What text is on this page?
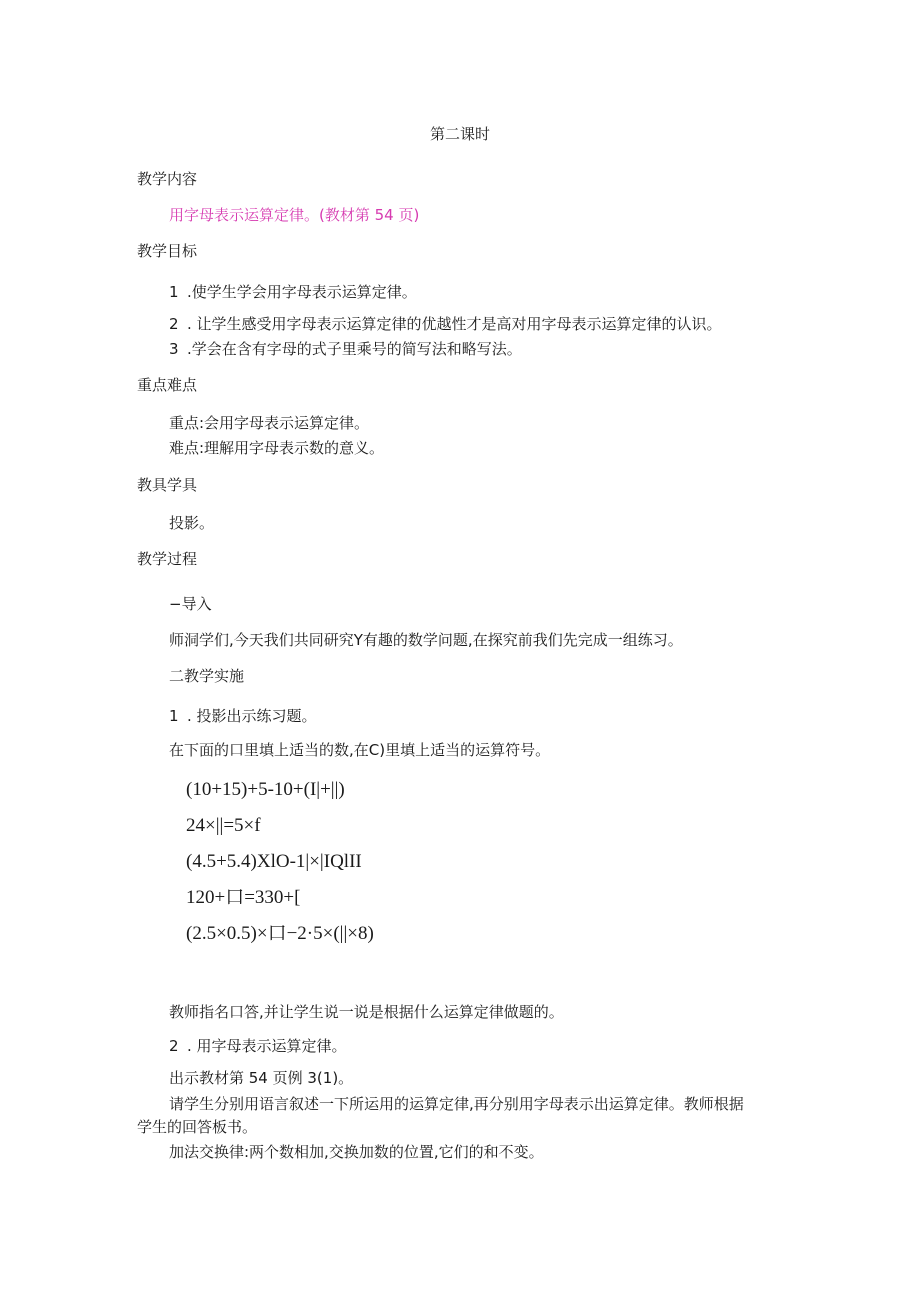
第二课时
教学内容
用字母表示运算定律。(教材第 54 页)
教学目标
1 .使学生学会用字母表示运算定律。
2 . 让学生感受用字母表示运算定律的优越性才是高对用字母表示运算定律的认识。
3 .学会在含有字母的式子里乘号的简写法和略写法。
重点难点
重点:会用字母表示运算定律。
难点:理解用字母表示数的意义。
教具学具
投影。
教学过程
−导入
师洞学们,今天我们共同研究Y有趣的数学问题,在探究前我们先完成一组练习。
二教学实施
1 . 投影出示练习题。
在下面的口里填上适当的数,在C)里填上适当的运算符号。
(10+15)+5-10+(I|+||)
24×||=5×f
(4.5+5.4)XlO-1|×|IQlII
120+口=330+[
(2.5×0.5)×口−2·5×(||×8)
教师指名口答,并让学生说一说是根据什么运算定律做题的。
2 . 用字母表示运算定律。
出示教材第 54 页例 3(1)。
请学生分别用语言叙述一下所运用的运算定律,再分别用字母表示出运算定律。教师根据
学生的回答板书。
加法交换律:两个数相加,交换加数的位置,它们的和不变。
